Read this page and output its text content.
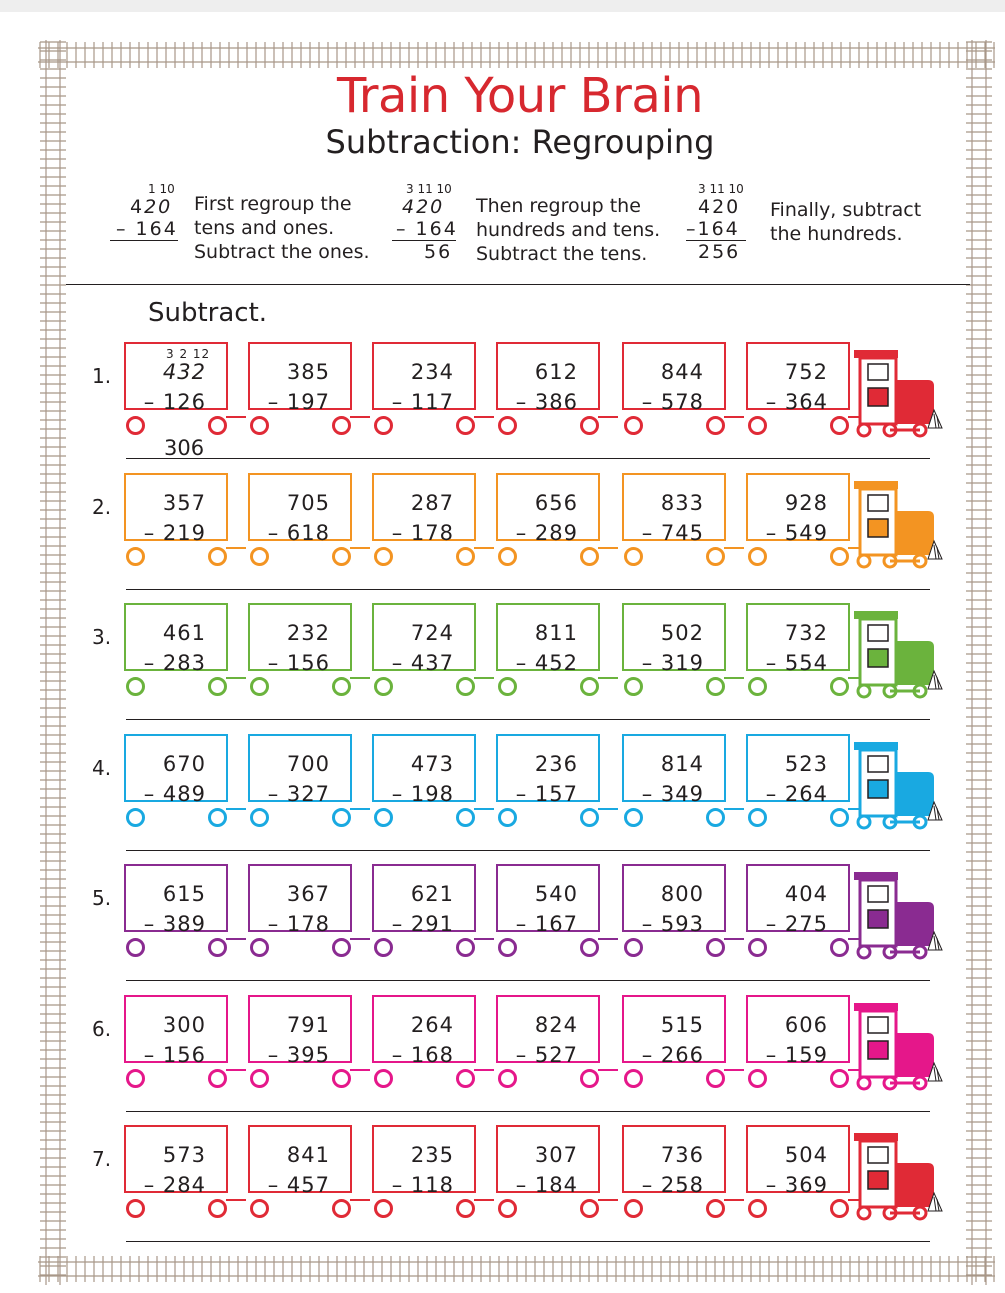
Train Your Brain
Subtraction: Regrouping
1 10
420
– 164
First regroup the
tens and ones.
Subtract the ones.
3 11 10
420
– 164
56
Then regroup the
hundreds and tens.
Subtract the tens.
3 11 10
420
–164
256
Finally, subtract
the hundreds.
Subtract.
1.
3 2 12
432
– 126
306
385
– 197
234
– 117
612
– 386
844
– 578
752
– 364
2. 357
– 219
705
– 618
287
– 178
656
– 289
833
– 745
928
– 549
3. 461
– 283
232
– 156
724
– 437
811
– 452
502
– 319
732
– 554
4. 670
– 489
700
– 327
473
– 198
236
– 157
814
– 349
523
– 264
5. 615
– 389
367
– 178
621
– 291
540
– 167
800
– 593
404
– 275
6. 300
– 156
791
– 395
264
– 168
824
– 527
515
– 266
606
– 159
7. 573
– 284
841
– 457
235
– 118
307
– 184
736
– 258
504
– 369
